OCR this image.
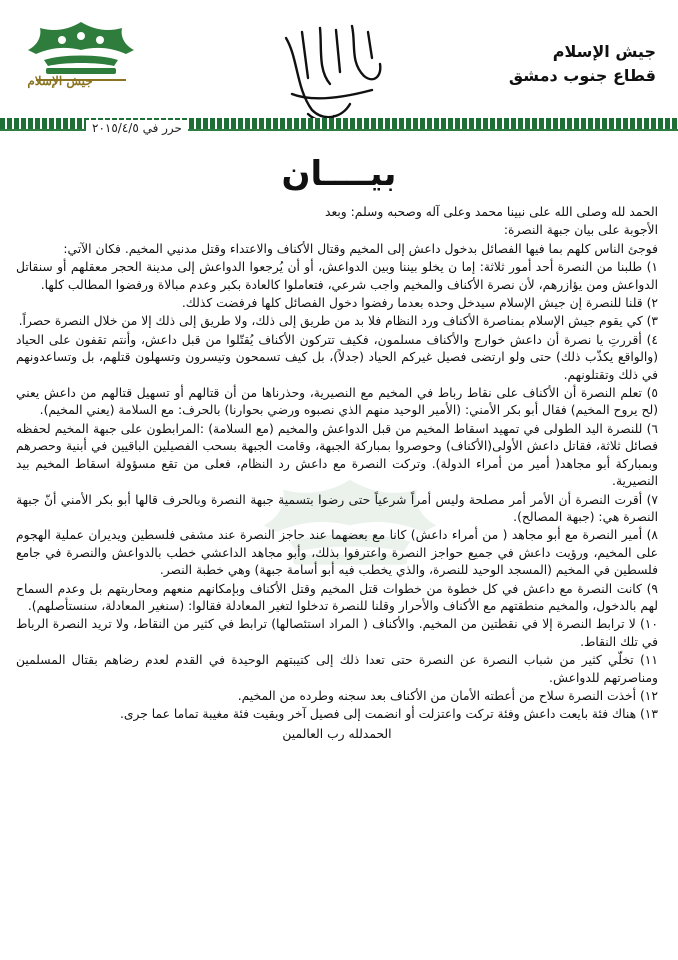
جيش الإسلام

قطاع جنوب دمشق

جيش الإسلام
حرر في ٢٠١٥/٤/٥
بيــــان

الحمد لله وصلى الله على نبينا محمد وعلى آله وصحبه وسلم: وبعد

الأجوبة على بيان جبهة النصرة:

فوجئ الناس كلهم بما فيها الفصائل بدخول داعش إلى المخيم وقتال الأكناف والاعتداء وقتل مدنيي المخيم. فكان الآتي:

١) طلبنا من النصرة أحد أمور ثلاثة: إما ن يخلو بيننا وبين الدواعش، أو أن يُرجعوا الدواعش إلى مدينة الحجر معقلهم أو سنقاتل الدواعش ومن يؤازرهم، لأن نصرة الأكناف والمخيم واجب شرعي، فتعاملوا كالعادة بكبر وعدم مبالاة ورفضوا المطالب كلها.

٢) قلنا للنصرة إن جيش الإسلام سيدخل وحده بعدما رفضوا دخول الفصائل كلها فرفضت كذلك.

٣) كي يقوم جيش الإسلام بمناصرة الأكناف ورد النظام فلا بد من طريق إلى ذلك، ولا طريق إلى ذلك إلا من خلال النصرة حصراً.

٤) أقررتِ يا نصرة أن داعش خوارج والأكناف مسلمون، فكيف تتركون الأكناف يُقتّلوا من قبل داعش، وأنتم تقفون على الحياد (والواقع يكذّب ذلك) حتى ولو ارتضى فصيل غيركم الحياد (جدلاً)، بل كيف تسمحون وتيسرون وتسهلون قتلهم، بل وتساعدونهم في ذلك وتقتلونهم.

٥) تعلم النصرة أن الأكناف على نقاط رباط في المخيم مع النصيرية، وحذرناها من أن قتالهم أو تسهيل قتالهم من داعش يعني (لح يروح المخيم) فقال أبو بكر الأمني: (الأمير الوحيد منهم الذي نصبوه ورضي بحوارنا) بالحرف: مع السلامة (يعني المخيم).

٦) للنصرة اليد الطولى في تمهيد اسقاط المخيم من قبل الدواعش والمخيم (مع السلامة) :المرابطون على جبهة المخيم لحفظه فصائل ثلاثة، فقاتل داعش الأولى(الأكناف) وحوصروا بمباركة الجبهة، وقامت الجبهة بسحب الفصيلين الباقيين في أبنية وحصرهم وبمباركة أبو مجاهد( أمير من أمراء الدولة). وتركت النصرة مع داعش رد النظام، فعلى من تقع مسؤولة اسقاط المخيم بيد النصيرية.

٧) أقرت النصرة أن الأمر أمر مصلحة وليس أمراً شرعياً حتى رضوا بتسمية جبهة النصرة وبالحرف قالها أبو بكر الأمني أنّ جبهة النصرة هي: (جبهة المصالح).

٨) أمير النصرة مع أبو مجاهد ( من أمراء داعش) كانا مع بعضهما عند حاجز النصرة عند مشفى فلسطين ويديران عملية الهجوم على المخيم، ورؤيت داعش في جميع حواجز النصرة واعترفوا بذلك، وأبو مجاهد الداعشي خطب بالدواعش والنصرة في جامع فلسطين في المخيم (المسجد الوحيد للنصرة، والذي يخطب فيه أبو أسامة جبهة) وهي خطبة النصر.

٩) كانت النصرة مع داعش في كل خطوة من خطوات قتل المخيم وقتل الأكناف وبإمكانهم منعهم ومحاربتهم بل وعدم السماح لهم بالدخول، والمخيم منطقتهم مع الأكناف والأحرار وقلنا للنصرة تدخلوا لتغير المعادلة فقالوا: (سنغير المعادلة، سنستأصلهم).

١٠) لا ترابط النصرة إلا في نقطتين من المخيم. والأكناف ( المراد استئصالها) ترابط في كثير من النقاط، ولا تريد النصرة الرباط في تلك النقاط.

١١) تخلّي كثير من شباب النصرة عن النصرة حتى تعدا ذلك إلى كتيبتهم الوحيدة في القدم لعدم رضاهم بقتال المسلمين ومناصرتهم للدواعش.

١٢) أخذت النصرة سلاح من أعطته الأمان من الأكناف بعد سجنه وطرده من المخيم.

١٣) هناك فئة بايعت داعش وفئة تركت واعتزلت أو انضمت إلى فصيل آخر وبقيت فئة مغيبة تماما عما جرى.

الحمدلله رب العالمين
